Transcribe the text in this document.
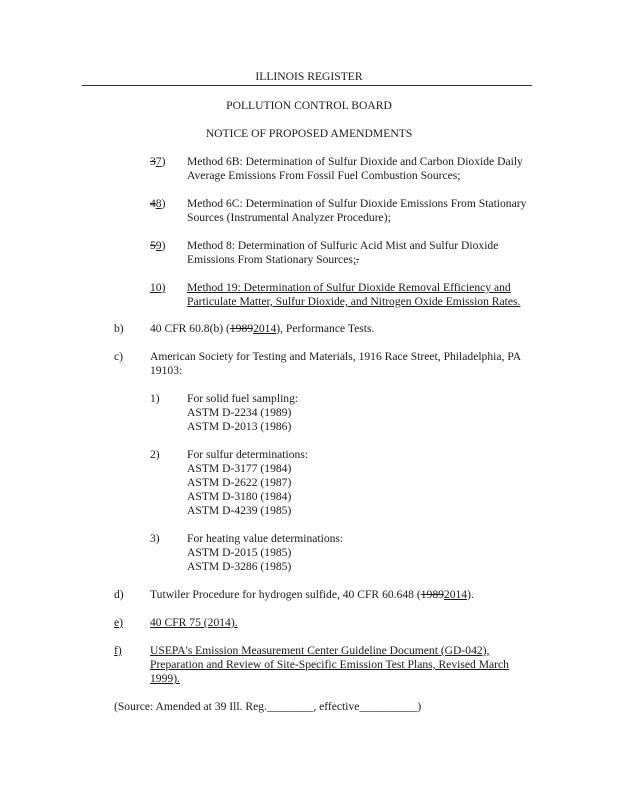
ILLINOIS REGISTER
POLLUTION CONTROL BOARD
NOTICE OF PROPOSED AMENDMENTS
37) Method 6B: Determination of Sulfur Dioxide and Carbon Dioxide Daily
Average Emissions From Fossil Fuel Combustion Sources;
48) Method 6C: Determination of Sulfur Dioxide Emissions From Stationary
Sources (Instrumental Analyzer Procedure);
59) Method 8: Determination of Sulfuric Acid Mist and Sulfur Dioxide
Emissions From Stationary Sources;.
10) Method 19: Determination of Sulfur Dioxide Removal Efficiency and
Particulate Matter, Sulfur Dioxide, and Nitrogen Oxide Emission Rates.
b) 40 CFR 60.8(b) (19892014), Performance Tests.
c) American Society for Testing and Materials, 1916 Race Street, Philadelphia, PA
19103:
1) For solid fuel sampling:
ASTM D-2234 (1989)
ASTM D-2013 (1986)
2) For sulfur determinations:
ASTM D-3177 (1984)
ASTM D-2622 (1987)
ASTM D-3180 (1984)
ASTM D-4239 (1985)
3) For heating value determinations:
ASTM D-2015 (1985)
ASTM D-3286 (1985)
d) Tutwiler Procedure for hydrogen sulfide, 40 CFR 60.648 (19892014).
e) 40 CFR 75 (2014).
f) USEPA's Emission Measurement Center Guideline Document (GD-042),
Preparation and Review of Site-Specific Emission Test Plans, Revised March
1999).
(Source: Amended at 39 Ill. Reg.________, effective__________)
